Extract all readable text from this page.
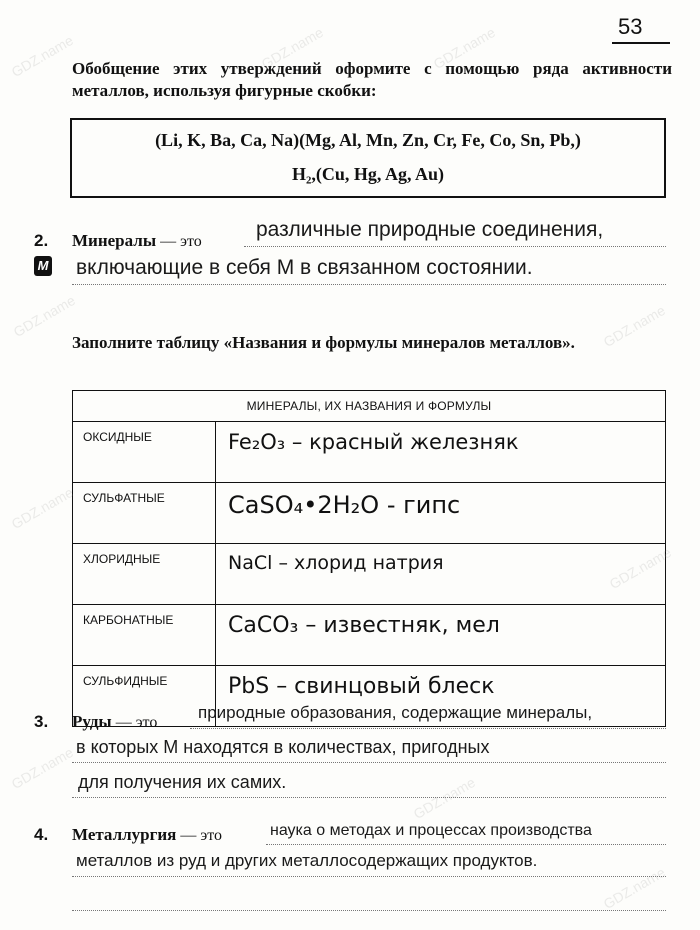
53
Обобщение этих утверждений оформите с помощью ряда активности металлов, используя фигурные скобки:
(Li, K, Ba, Ca, Na)(Mg, Al, Mn, Zn, Cr, Fe, Co, Sn, Pb,)
H₂,(Cu, Hg, Ag, Au)
2. Минералы — это
различные природные соединения,
М включающие в себя М в связанном состоянии.
Заполните таблицу «Названия и формулы минералов металлов».
МИНЕРАЛЫ, ИХ НАЗВАНИЯ И ФОРМУЛЫ	
ОКСИДНЫЕ	Fe₂O₃ – красный железняк
СУЛЬФАТНЫЕ	CaSO₄•2H₂O - гипс
ХЛОРИДНЫЕ	NaCl – хлорид натрия
КАРБОНАТНЫЕ	CaCO₃ – известняк, мел
СУЛЬФИДНЫЕ	PbS – свинцовый блеск
3. Руды — это
природные образования, содержащие минералы,
в которых М находятся в количествах, пригодных
для получения их самих.
4. Металлургия — это	наука о методах и процессах производства
металлов из руд и других металлосодержащих продуктов.
GDZ.name	GDZ.name	GDZ.name
GDZ.name	GDZ.name
GDZ.name
GDZ.name
GDZ.name
GDZ.name
GDZ.name
